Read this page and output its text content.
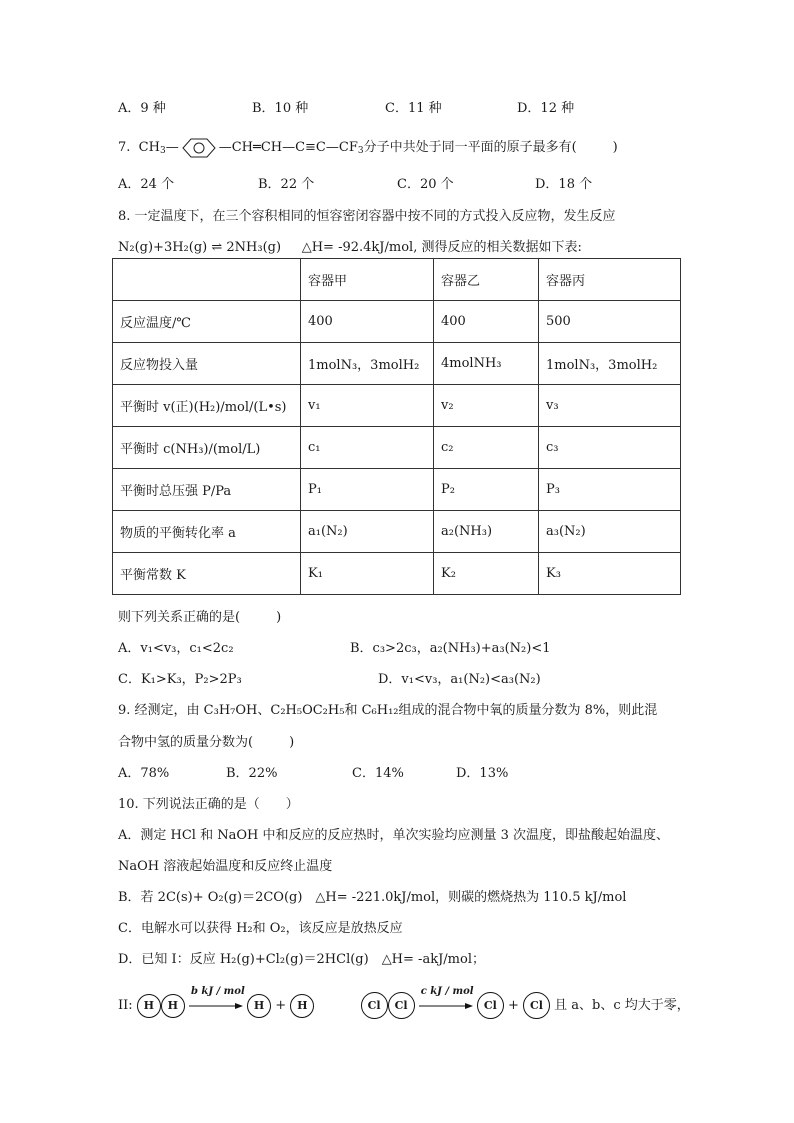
A．9 种	B．10 种	C．11 种	D．12 种
7. $CH_3—$	$—CH═CH—C\equiv C—CF_3$分子中共处于同一平面的原子最多有(	)
A．24 个	B．22 个	C．20 个	D．18 个
8. 一定温度下，在三个容积相同的恒容密闭容器中按不同的方式投入反应物，发生反应
N₂(g)+3H₂(g) ⇌ 2NH₃(g) △H= -92.4kJ/mol, 测得反应的相关数据如下表:
	容器甲	容器乙	容器丙
反应温度/℃	400	400	500
反应物投入量	1molN₃，3molH₂	4molNH₃	1molN₃，3molH₂
平衡时 v(正)(H₂)/mol/(L•s)	v₁	v₂	v₃
平衡时 c(NH₃)/(mol/L)	c₁	c₂	c₃
平衡时总压强 P/Pa	P₁	P₂	P₃
物质的平衡转化率 a	a₁(N₂)	a₂(NH₃)	a₃(N₂)
平衡常数 K	K₁	K₂	K₃
则下列关系正确的是(	)
A．v₁<v₃，c₁<2c₂	B．c₃>2c₃，a₂(NH₃)+a₃(N₂)<1
C．K₁>K₃，P₂>2P₃	D．v₁<v₃，a₁(N₂)<a₃(N₂)
9. 经测定，由 C₃H₇OH、C₂H₅OC₂H₅和 C₆H₁₂组成的混合物中氧的质量分数为 8%，则此混
合物中氢的质量分数为(	)
A．78%	B．22%	C．14%	D．13%
10. 下列说法正确的是（　　）
A．测定 HCl 和 NaOH 中和反应的反应热时，单次实验均应测量 3 次温度，即盐酸起始温度、
NaOH 溶液起始温度和反应终止温度
B．若 2C(s)+ O₂(g)＝2CO(g)　△H= -221.0kJ/mol，则碳的燃烧热为 110.5 kJ/mol
C．电解水可以获得 H₂和 O₂，该反应是放热反应
D．已知 I：反应 H₂(g)+Cl₂(g)＝2HCl(g)　△H= -akJ/mol；
II: H H
b kJ / mol
H + H	Cl Cl
c kJ / mol
Cl + Cl 且 a、b、c 均大于零，
